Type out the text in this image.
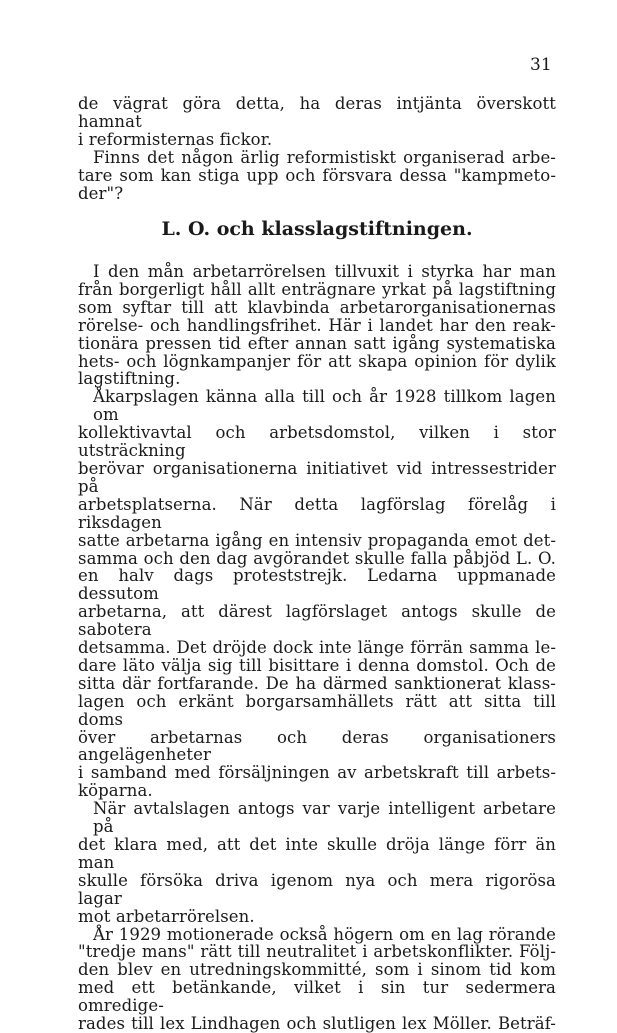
31
de vägrat göra detta, ha deras intjänta överskott hamnat
i reformisternas fickor.
Finns det någon ärlig reformistiskt organiserad arbe-
tare som kan stiga upp och försvara dessa "kampmeto-
der"?
L. O. och klasslagstiftningen.
I den mån arbetarrörelsen tillvuxit i styrka har man
från borgerligt håll allt enträgnare yrkat på lagstiftning
som syftar till att klavbinda arbetarorganisationernas
rörelse- och handlingsfrihet. Här i landet har den reak-
tionära pressen tid efter annan satt igång systematiska
hets- och lögnkampanjer för att skapa opinion för dylik
lagstiftning.
Åkarpslagen känna alla till och år 1928 tillkom lagen om
kollektivavtal och arbetsdomstol, vilken i stor utsträckning
berövar organisationerna initiativet vid intressestrider på
arbetsplatserna. När detta lagförslag förelåg i riksdagen
satte arbetarna igång en intensiv propaganda emot det-
samma och den dag avgörandet skulle falla påbjöd L. O.
en halv dags proteststrejk. Ledarna uppmanade dessutom
arbetarna, att därest lagförslaget antogs skulle de sabotera
detsamma. Det dröjde dock inte länge förrän samma le-
dare läto välja sig till bisittare i denna domstol. Och de
sitta där fortfarande. De ha därmed sanktionerat klass-
lagen och erkänt borgarsamhällets rätt att sitta till doms
över arbetarnas och deras organisationers angelägenheter
i samband med försäljningen av arbetskraft till arbets-
köparna.
När avtalslagen antogs var varje intelligent arbetare på
det klara med, att det inte skulle dröja länge förr än man
skulle försöka driva igenom nya och mera rigorösa lagar
mot arbetarrörelsen.
År 1929 motionerade också högern om en lag rörande
"tredje mans" rätt till neutralitet i arbetskonflikter. Följ-
den blev en utredningskommitté, som i sinom tid kom
med ett betänkande, vilket i sin tur sedermera omredige-
rades till lex Lindhagen och slutligen lex Möller. Beträf-
